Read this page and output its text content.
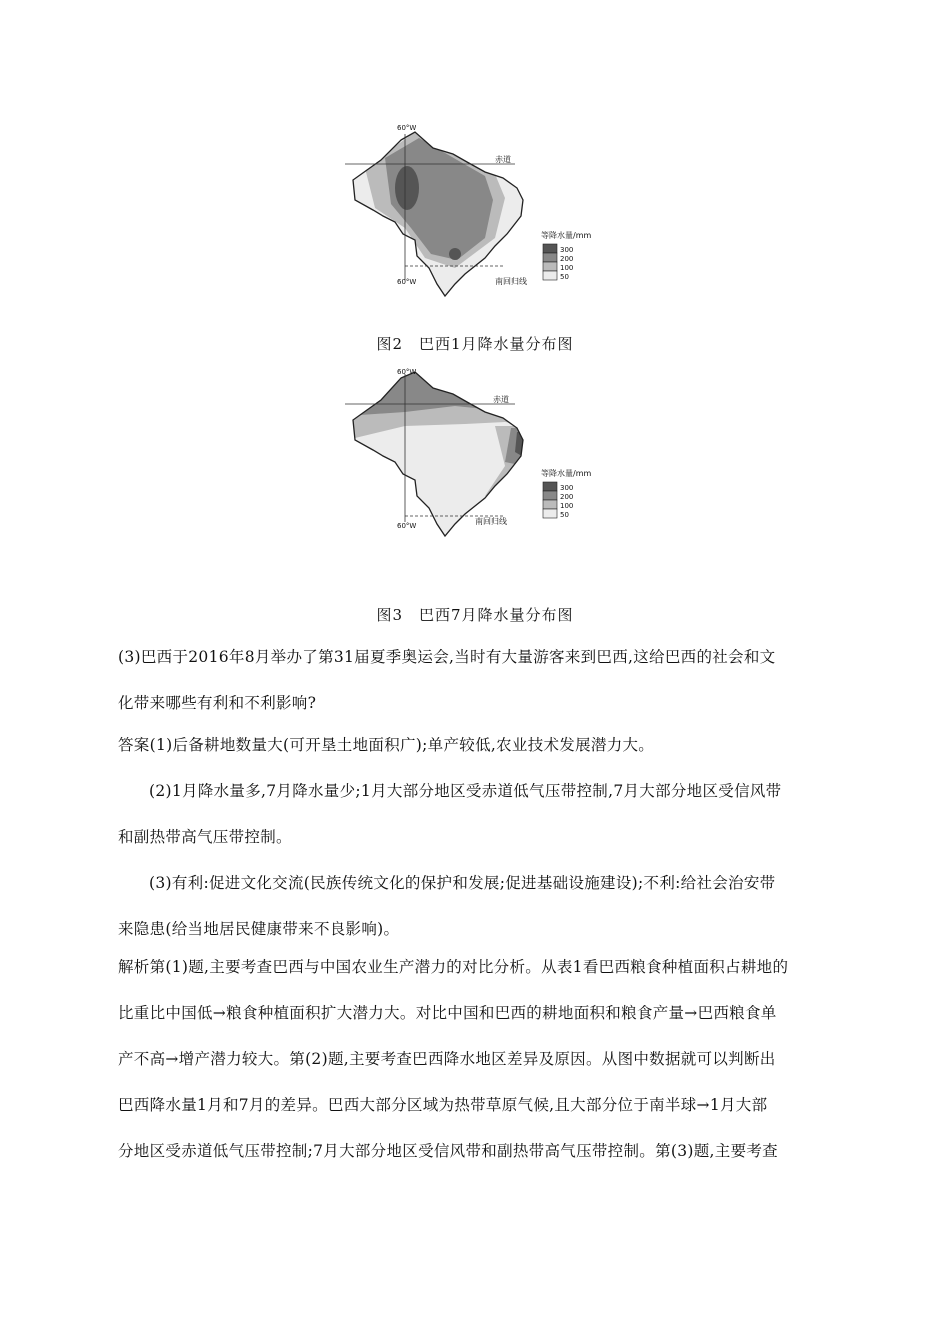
60°W
60°W
赤道
南回归线
等降水量/mm
300
200
100
50
图2　巴西1月降水量分布图
60°W
60°W
赤道
南回归线
等降水量/mm
300
200
100
50
图3　巴西7月降水量分布图
(3)巴西于2016年8月举办了第31届夏季奥运会,当时有大量游客来到巴西,这给巴西的社会和文
化带来哪些有利和不利影响?
答案(1)后备耕地数量大(可开垦土地面积广);单产较低,农业技术发展潜力大。
(2)1月降水量多,7月降水量少;1月大部分地区受赤道低气压带控制,7月大部分地区受信风带
和副热带高气压带控制。
(3)有利:促进文化交流(民族传统文化的保护和发展;促进基础设施建设);不利:给社会治安带
来隐患(给当地居民健康带来不良影响)。
解析第(1)题,主要考查巴西与中国农业生产潜力的对比分析。从表1看巴西粮食种植面积占耕地的
比重比中国低→粮食种植面积扩大潜力大。对比中国和巴西的耕地面积和粮食产量→巴西粮食单
产不高→增产潜力较大。第(2)题,主要考查巴西降水地区差异及原因。从图中数据就可以判断出
巴西降水量1月和7月的差异。巴西大部分区域为热带草原气候,且大部分位于南半球→1月大部
分地区受赤道低气压带控制;7月大部分地区受信风带和副热带高气压带控制。第(3)题,主要考查
